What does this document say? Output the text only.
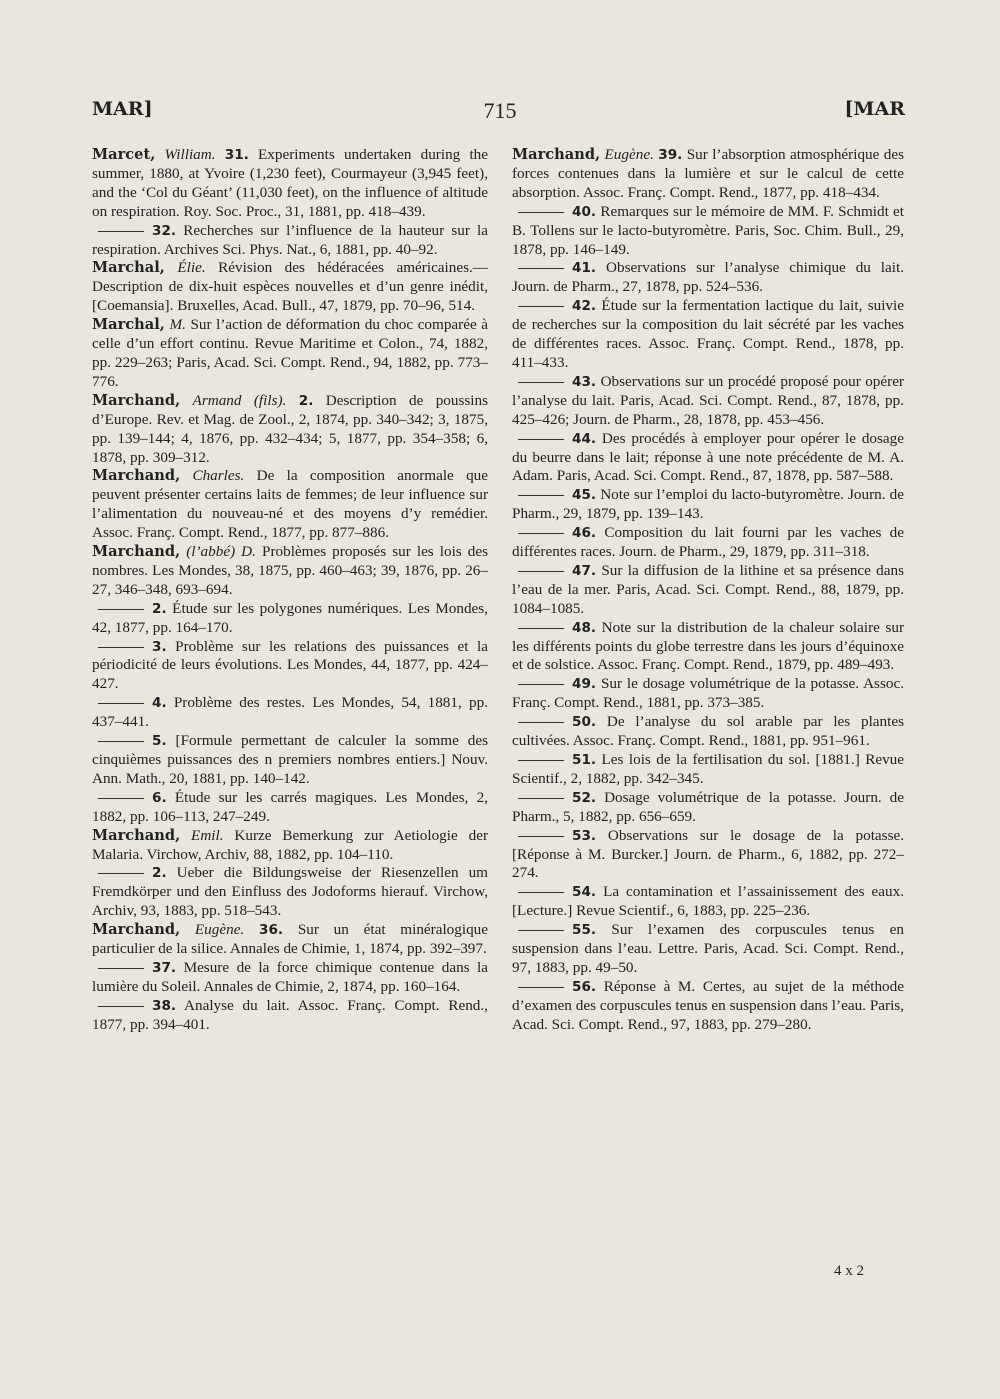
MAR]	715	[MAR

Marcet, William. 31. Experiments undertaken during the summer, 1880, at Yvoire (1,230 feet), Courmayeur (3,945 feet), and the ‘Col du Géant’ (11,030 feet), on the influence of altitude on respiration. Roy. Soc. Proc., 31, 1881, pp. 418–439.

32. Recherches sur l’influence de la hauteur sur la respiration. Archives Sci. Phys. Nat., 6, 1881, pp. 40–92.

Marchal, Élie. Révision des hédéracées américaines.—Description de dix-huit espèces nouvelles et d’un genre inédit, [Coemansia]. Bruxelles, Acad. Bull., 47, 1879, pp. 70–96, 514.

Marchal, M. Sur l’action de déformation du choc comparée à celle d’un effort continu. Revue Maritime et Colon., 74, 1882, pp. 229–263; Paris, Acad. Sci. Compt. Rend., 94, 1882, pp. 773–776.

Marchand, Armand (fils). 2. Description de poussins d’Europe. Rev. et Mag. de Zool., 2, 1874, pp. 340–342; 3, 1875, pp. 139–144; 4, 1876, pp. 432–434; 5, 1877, pp. 354–358; 6, 1878, pp. 309–312.

Marchand, Charles. De la composition anormale que peuvent présenter certains laits de femmes; de leur influence sur l’alimentation du nouveau-né et des moyens d’y remédier. Assoc. Franç. Compt. Rend., 1877, pp. 877–886.

Marchand, (l’abbé) D. Problèmes proposés sur les lois des nombres. Les Mondes, 38, 1875, pp. 460–463; 39, 1876, pp. 26–27, 346–348, 693–694.

2. Étude sur les polygones numériques. Les Mondes, 42, 1877, pp. 164–170.

3. Problème sur les relations des puissances et la périodicité de leurs évolutions. Les Mondes, 44, 1877, pp. 424–427.

4. Problème des restes. Les Mondes, 54, 1881, pp. 437–441.

5. [Formule permettant de calculer la somme des cinquièmes puissances des n premiers nombres entiers.] Nouv. Ann. Math., 20, 1881, pp. 140–142.

6. Étude sur les carrés magiques. Les Mondes, 2, 1882, pp. 106–113, 247–249.

Marchand, Emil. Kurze Bemerkung zur Aetiologie der Malaria. Virchow, Archiv, 88, 1882, pp. 104–110.

2. Ueber die Bildungsweise der Riesenzellen um Fremdkörper und den Einfluss des Jodoforms hierauf. Virchow, Archiv, 93, 1883, pp. 518–543.

Marchand, Eugène. 36. Sur un état minéralogique particulier de la silice. Annales de Chimie, 1, 1874, pp. 392–397.

37. Mesure de la force chimique contenue dans la lumière du Soleil. Annales de Chimie, 2, 1874, pp. 160–164.

38. Analyse du lait. Assoc. Franç. Compt. Rend., 1877, pp. 394–401.

Marchand, Eugène. 39. Sur l’absorption atmosphérique des forces contenues dans la lumière et sur le calcul de cette absorption. Assoc. Franç. Compt. Rend., 1877, pp. 418–434.

40. Remarques sur le mémoire de MM. F. Schmidt et B. Tollens sur le lacto-butyromètre. Paris, Soc. Chim. Bull., 29, 1878, pp. 146–149.

41. Observations sur l’analyse chimique du lait. Journ. de Pharm., 27, 1878, pp. 524–536.

42. Étude sur la fermentation lactique du lait, suivie de recherches sur la composition du lait sécrété par les vaches de différentes races. Assoc. Franç. Compt. Rend., 1878, pp. 411–433.

43. Observations sur un procédé proposé pour opérer l’analyse du lait. Paris, Acad. Sci. Compt. Rend., 87, 1878, pp. 425–426; Journ. de Pharm., 28, 1878, pp. 453–456.

44. Des procédés à employer pour opérer le dosage du beurre dans le lait; réponse à une note précédente de M. A. Adam. Paris, Acad. Sci. Compt. Rend., 87, 1878, pp. 587–588.

45. Note sur l’emploi du lacto-butyromètre. Journ. de Pharm., 29, 1879, pp. 139–143.

46. Composition du lait fourni par les vaches de différentes races. Journ. de Pharm., 29, 1879, pp. 311–318.

47. Sur la diffusion de la lithine et sa présence dans l’eau de la mer. Paris, Acad. Sci. Compt. Rend., 88, 1879, pp. 1084–1085.

48. Note sur la distribution de la chaleur solaire sur les différents points du globe terrestre dans les jours d’équinoxe et de solstice. Assoc. Franç. Compt. Rend., 1879, pp. 489–493.

49. Sur le dosage volumétrique de la potasse. Assoc. Franç. Compt. Rend., 1881, pp. 373–385.

50. De l’analyse du sol arable par les plantes cultivées. Assoc. Franç. Compt. Rend., 1881, pp. 951–961.

51. Les lois de la fertilisation du sol. [1881.] Revue Scientif., 2, 1882, pp. 342–345.

52. Dosage volumétrique de la potasse. Journ. de Pharm., 5, 1882, pp. 656–659.

53. Observations sur le dosage de la potasse. [Réponse à M. Burcker.] Journ. de Pharm., 6, 1882, pp. 272–274.

54. La contamination et l’assainissement des eaux. [Lecture.] Revue Scientif., 6, 1883, pp. 225–236.

55. Sur l’examen des corpuscules tenus en suspension dans l’eau. Lettre. Paris, Acad. Sci. Compt. Rend., 97, 1883, pp. 49–50.

56. Réponse à M. Certes, au sujet de la méthode d’examen des corpuscules tenus en suspension dans l’eau. Paris, Acad. Sci. Compt. Rend., 97, 1883, pp. 279–280.

4 x 2
